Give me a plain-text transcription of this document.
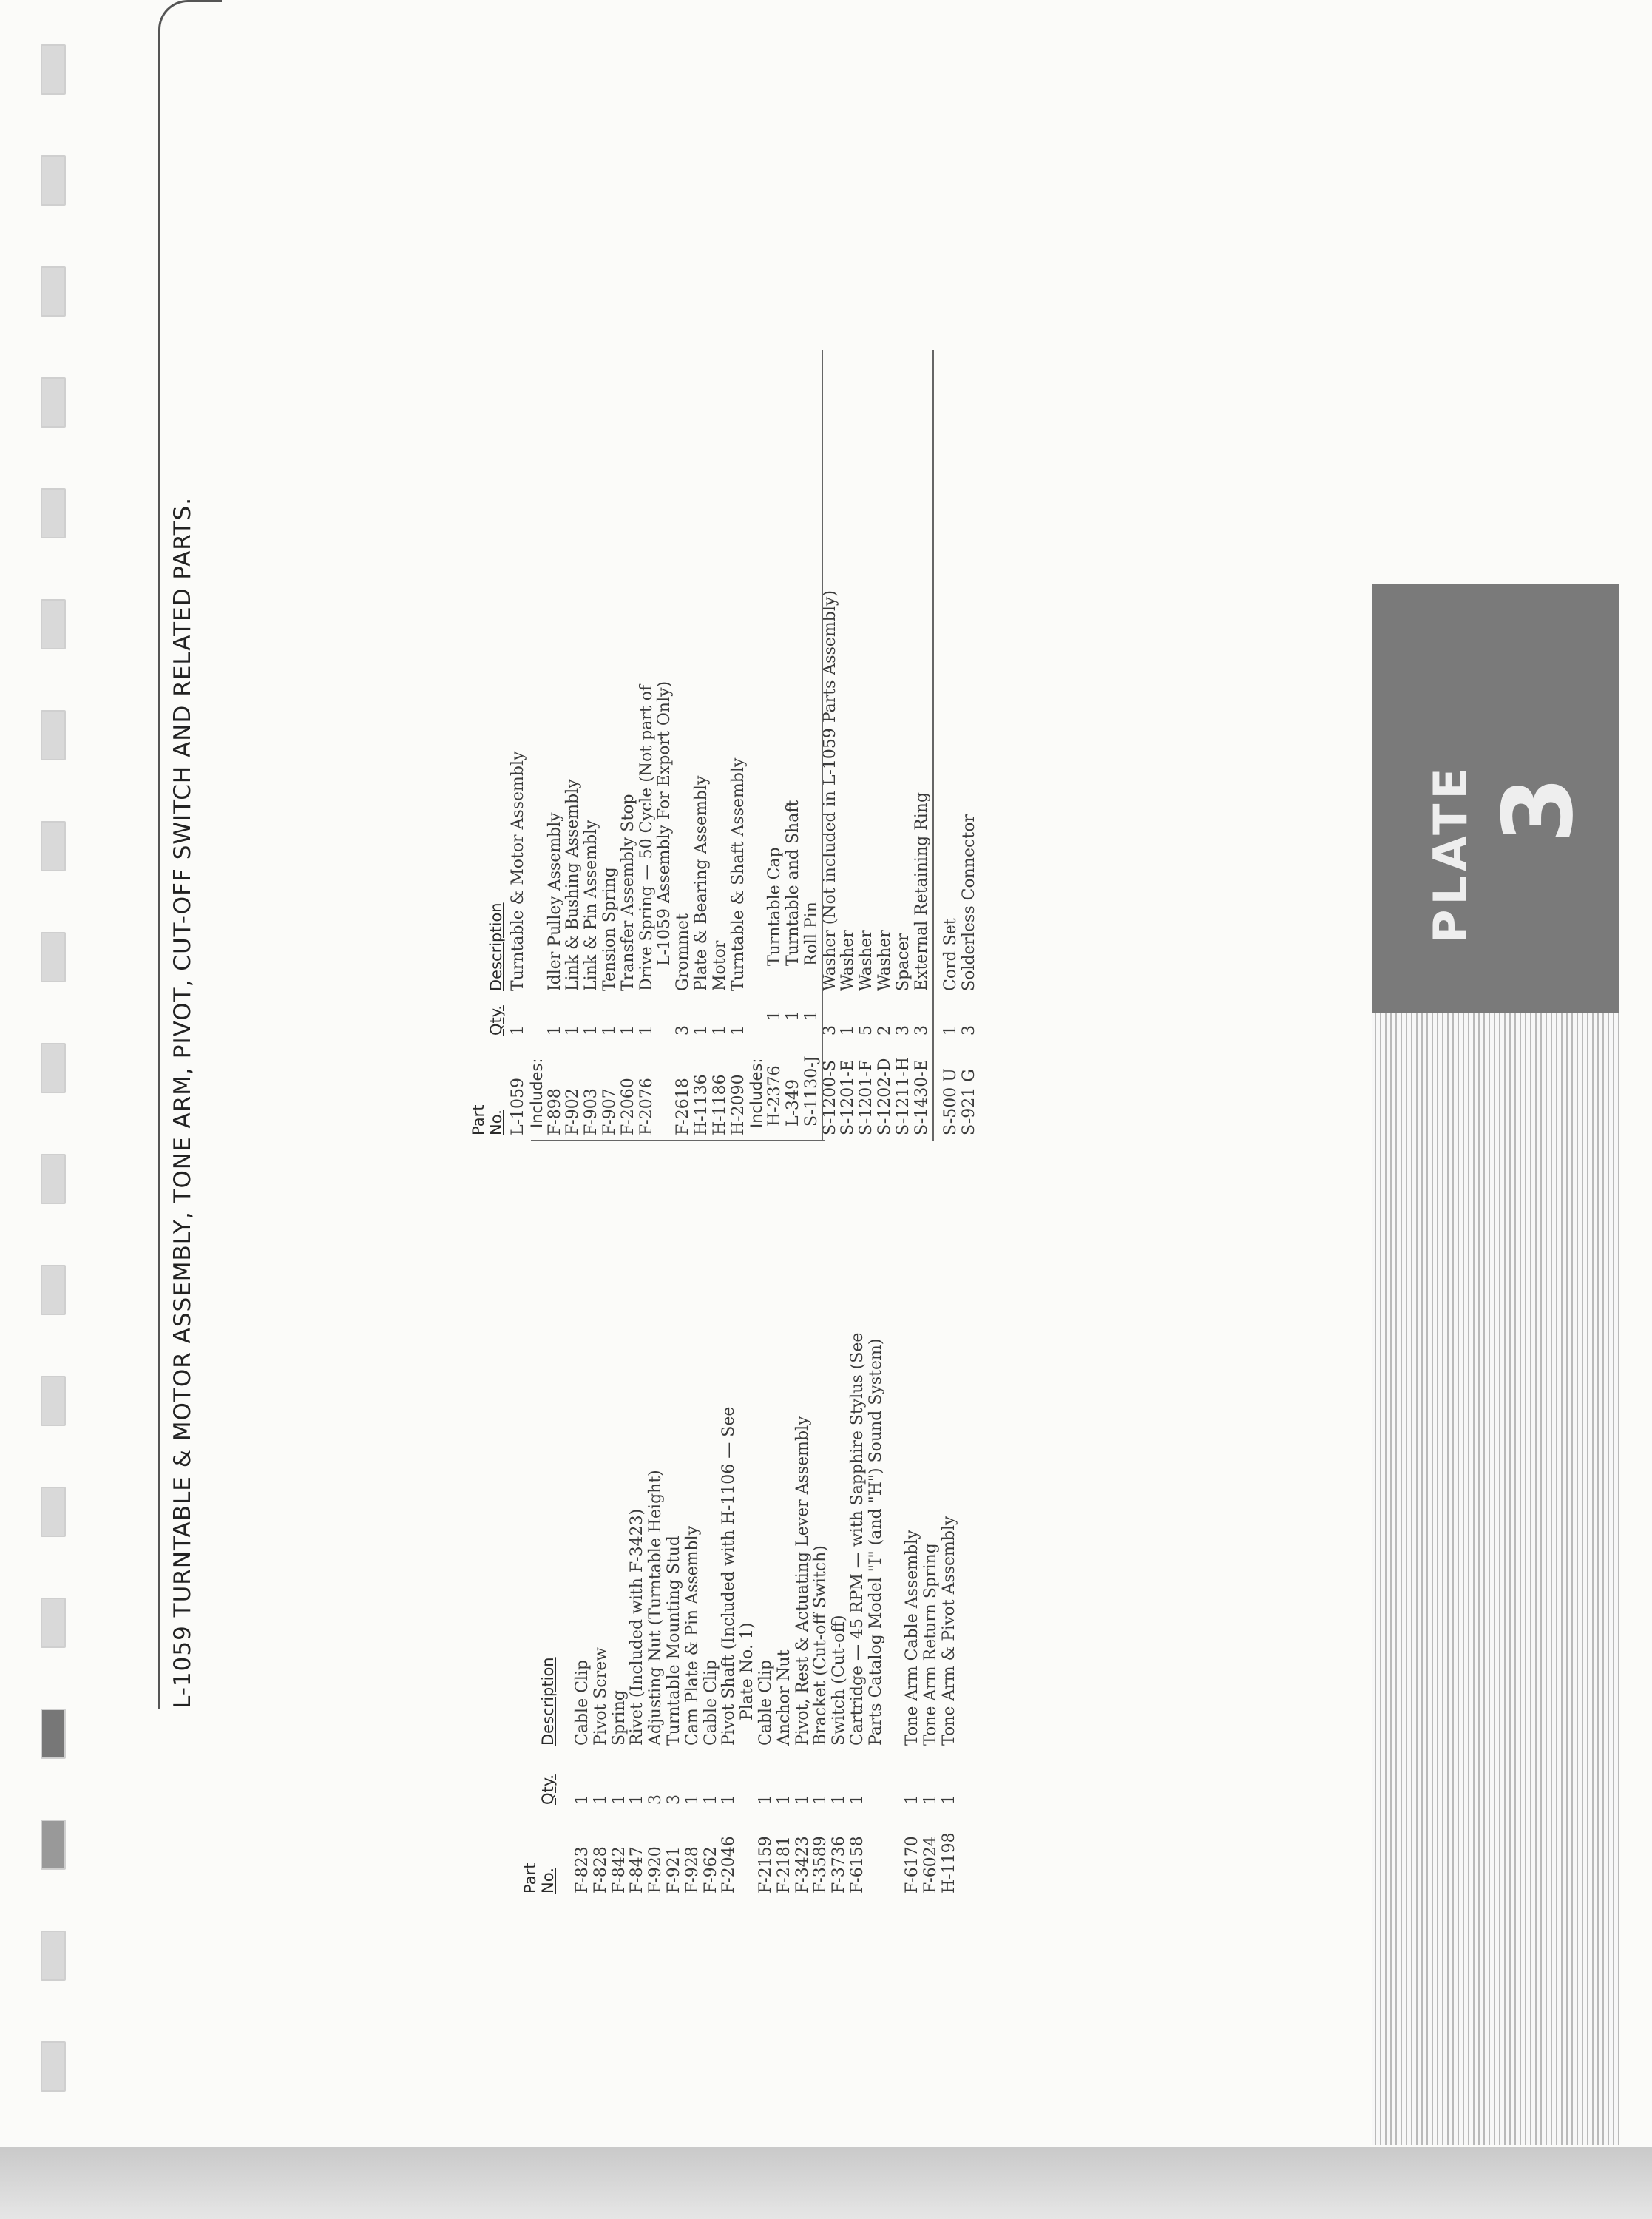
L-1059 TURNTABLE & MOTOR ASSEMBLY, TONE ARM, PIVOT, CUT-OFF SWITCH AND RELATED PARTS.
Part No.
Qty.
Description
Part No.
Qty.
Description
F-823
1
Cable Clip
F-828
1
Pivot Screw
F-842
1
Spring
F-847
1
Rivet (Included with F-3423)
F-920
3
Adjusting Nut (Turntable Height)
F-921
3
Turntable Mounting Stud
F-928
1
Cam Plate & Pin Assembly
F-962
1
Cable Clip
F-2046
1
Pivot Shaft (Included with H-1106 — See Plate No. 1)
F-2159
1
Cable Clip
F-2181
1
Anchor Nut
F-3423
1
Pivot, Rest & Actuating Lever Assembly
F-3589
1
Bracket (Cut-off Switch)
F-3736
1
Switch (Cut-off)
F-6158
1
Cartridge — 45 RPM — with Sapphire Stylus (See Parts Catalog Model "I" (and "H") Sound System)
F-6170
1
Tone Arm Cable Assembly
F-6024
1
Tone Arm Return Spring
H-1198
1
Tone Arm & Pivot Assembly
L-1059
1
Turntable & Motor Assembly
Includes: F-898
1
Idler Pulley Assembly
F-902
1
Link & Bushing Assembly
F-903
1
Link & Pin Assembly
F-907
1
Tension Spring
F-2060
1
Transfer Assembly Stop
F-2076
1
Drive Spring — 50 Cycle (Not part of L-1059 Assembly For Export Only)
F-2618
3
Grommet
H-1136
1
Plate & Bearing Assembly
H-1186
1
Motor
H-2090
1
Turntable & Shaft Assembly
Includes: H-2376
1
Turntable Cap
L-349
1
Turntable and Shaft
S-1130-J
1
Roll Pin
S-1200-S
3
Washer (Not included in L-1059 Parts Assembly)
S-1201-E
1
Washer
S-1201-F
5
Washer
S-1202-D
2
Washer
S-1211-H
3
Spacer
S-1430-E
3
External Retaining Ring
S-500 U
1
Cord Set
S-921 G
3
Solderless Connector	PLATE 3
